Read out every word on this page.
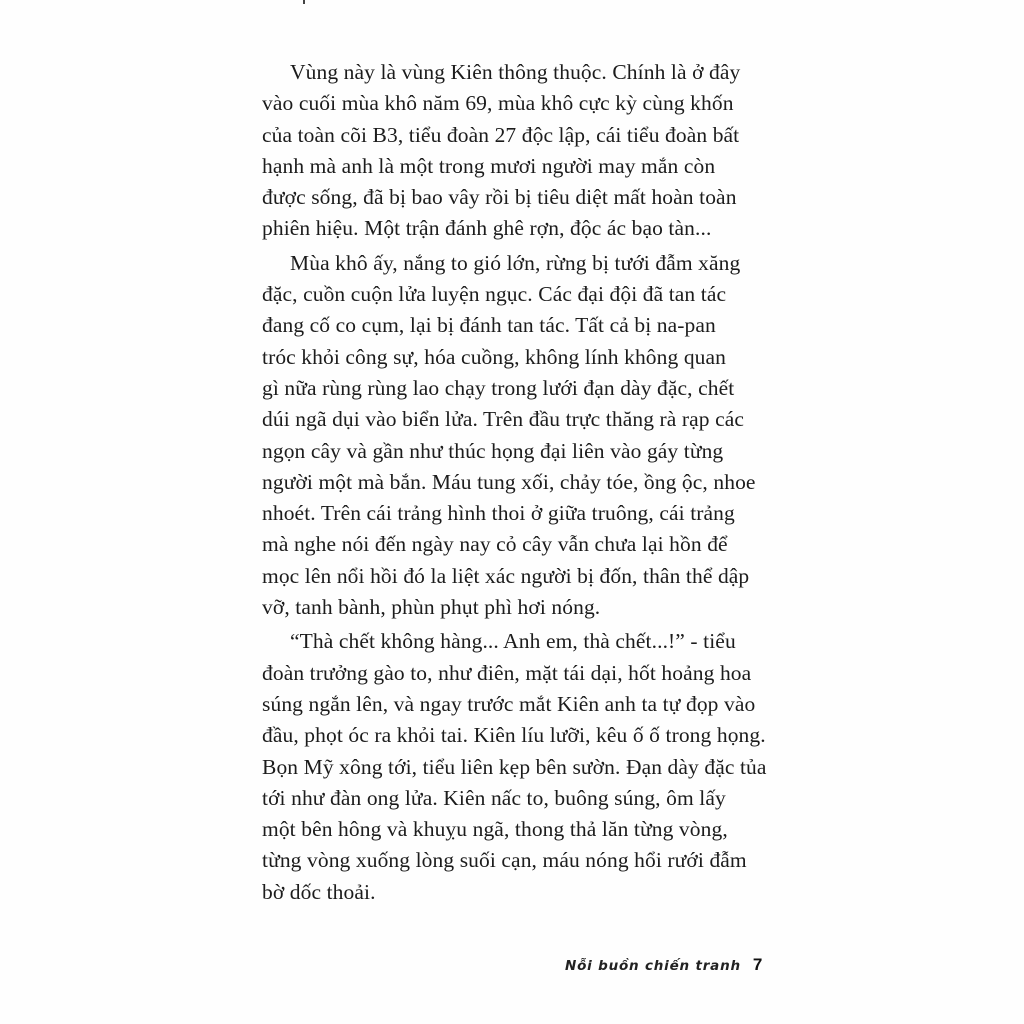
Vùng này là vùng Kiên thông thuộc. Chính là ở đây
vào cuối mùa khô năm 69, mùa khô cực kỳ cùng khốn
của toàn cõi B3, tiểu đoàn 27 độc lập, cái tiểu đoàn bất
hạnh mà anh là một trong mươi người may mắn còn
được sống, đã bị bao vây rồi bị tiêu diệt mất hoàn toàn
phiên hiệu. Một trận đánh ghê rợn, độc ác bạo tàn...
Mùa khô ấy, nắng to gió lớn, rừng bị tưới đẫm xăng
đặc, cuồn cuộn lửa luyện ngục. Các đại đội đã tan tác
đang cố co cụm, lại bị đánh tan tác. Tất cả bị na-pan
tróc khỏi công sự, hóa cuồng, không lính không quan
gì nữa rùng rùng lao chạy trong lưới đạn dày đặc, chết
dúi ngã dụi vào biển lửa. Trên đầu trực thăng rà rạp các
ngọn cây và gần như thúc họng đại liên vào gáy từng
người một mà bắn. Máu tung xối, chảy tóe, ồng ộc, nhoe
nhoét. Trên cái trảng hình thoi ở giữa truông, cái trảng
mà nghe nói đến ngày nay cỏ cây vẫn chưa lại hồn để
mọc lên nổi hồi đó la liệt xác người bị đốn, thân thể dập
vỡ, tanh bành, phùn phụt phì hơi nóng.
“Thà chết không hàng... Anh em, thà chết...!” - tiểu
đoàn trưởng gào to, như điên, mặt tái dại, hốt hoảng hoa
súng ngắn lên, và ngay trước mắt Kiên anh ta tự đọp vào
đầu, phọt óc ra khỏi tai. Kiên líu lưỡi, kêu ố ố trong họng.
Bọn Mỹ xông tới, tiểu liên kẹp bên sườn. Đạn dày đặc tủa
tới như đàn ong lửa. Kiên nấc to, buông súng, ôm lấy
một bên hông và khuỵu ngã, thong thả lăn từng vòng,
từng vòng xuống lòng suối cạn, máu nóng hổi rưới đẫm
bờ dốc thoải.
Nỗi buồn chiến tranh 7
